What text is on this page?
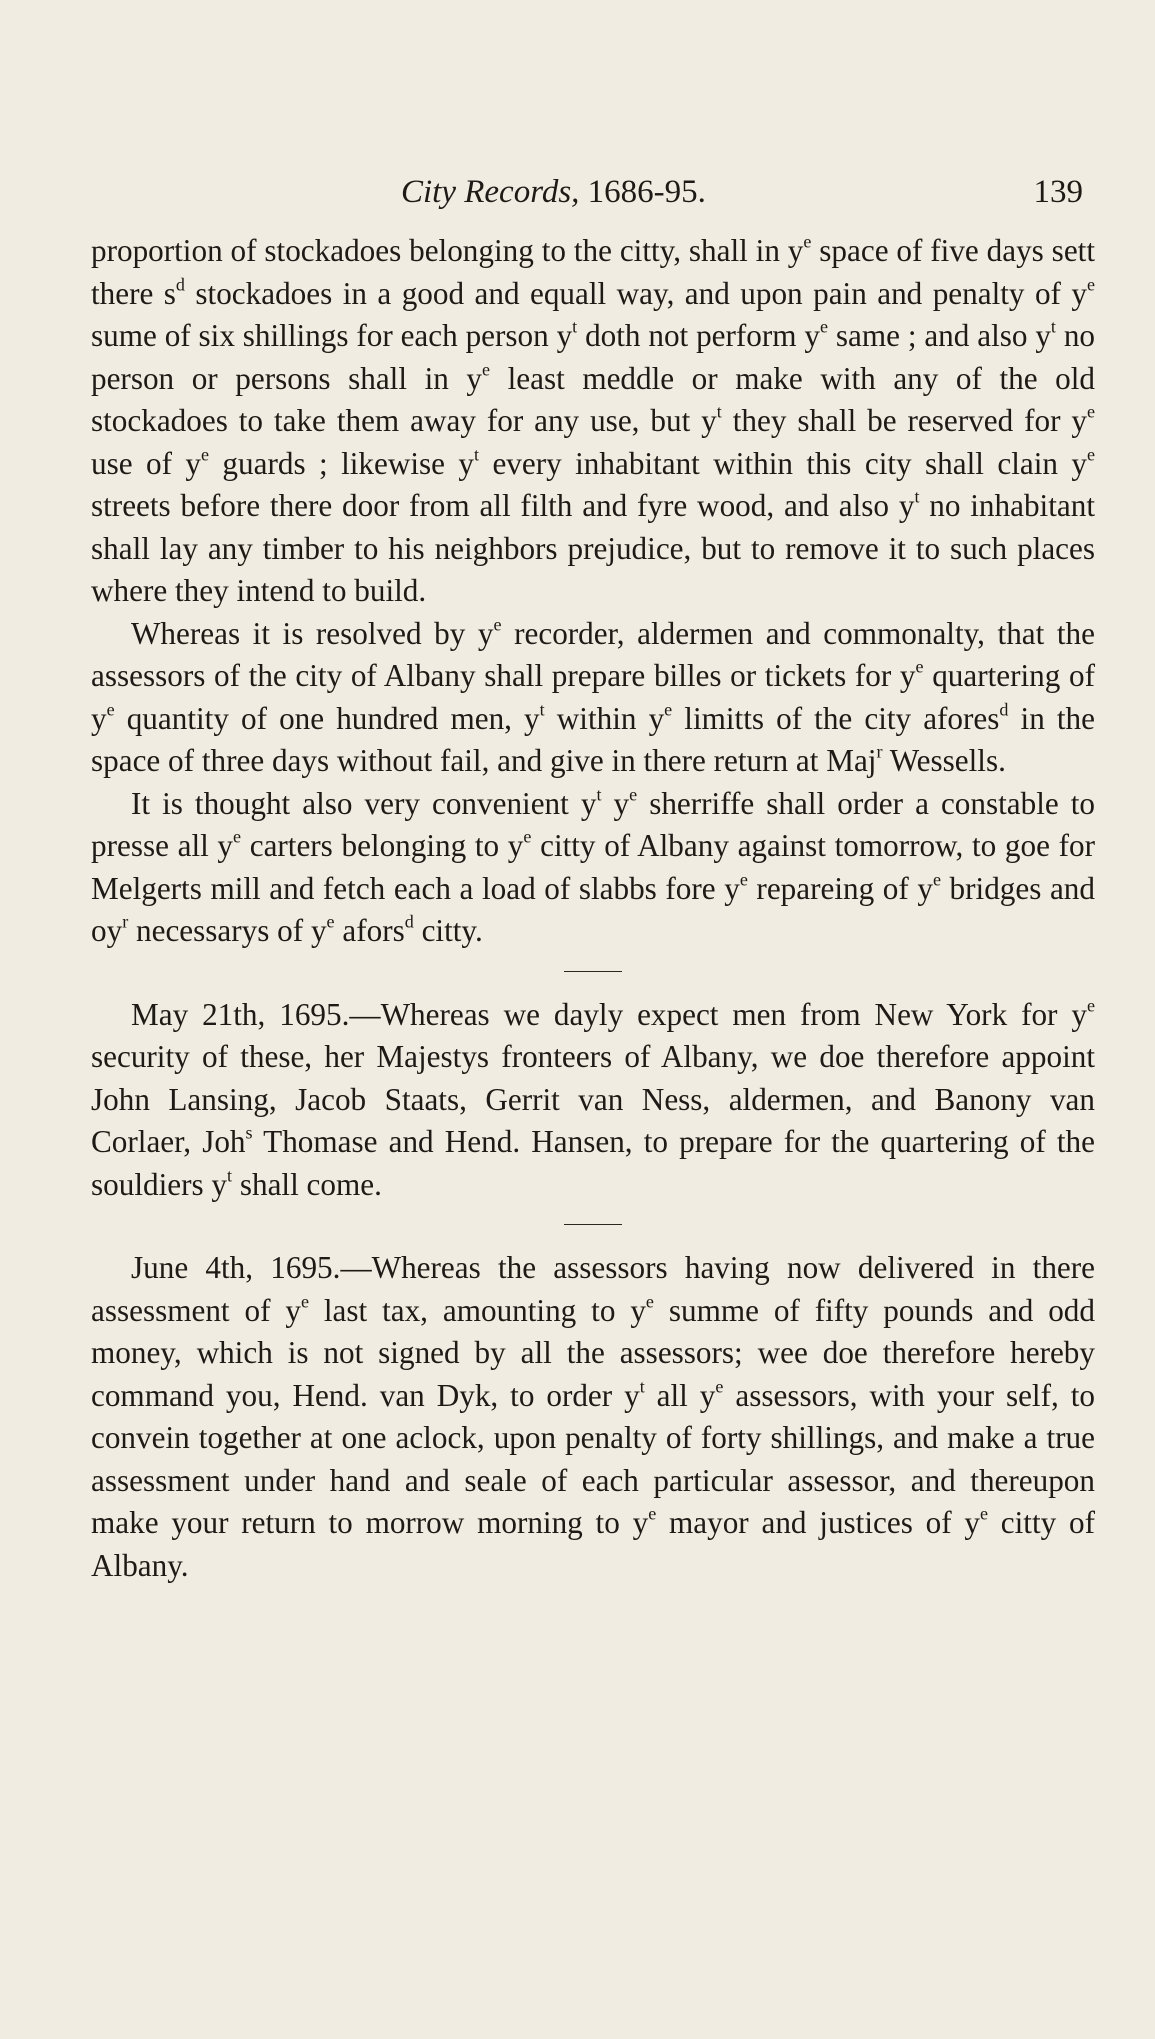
City Records, 1686-95.	139

proportion of stockadoes belonging to the citty, shall in $y^e$ space of five days sett there $s^d$ stockadoes in a good and equall way, and upon pain and penalty of $y^e$ sume of six shillings for each person $y^t$ doth not perform $y^e$ same ; and also $y^t$ no person or persons shall in $y^e$ least meddle or make with any of the old stockadoes to take them away for any use, but $y^t$ they shall be reserved for $y^e$ use of $y^e$ guards ; likewise $y^t$ every inhabitant within this city shall clain $y^e$ streets before there door from all filth and fyre wood, and also $y^t$ no inhabitant shall lay any timber to his neighbors prejudice, but to remove it to such places where they intend to build.

Whereas it is resolved by $y^e$ recorder, aldermen and commonalty, that the assessors of the city of Albany shall prepare billes or tickets for $y^e$ quartering of $y^e$ quantity of one hundred men, $y^t$ within $y^e$ limitts of the city afores$^d$ in the space of three days without fail, and give in there return at Maj$^r$ Wessells.

It is thought also very convenient $y^t$ $y^e$ sherriffe shall order a constable to presse all $y^e$ carters belonging to $y^e$ citty of Albany against tomorrow, to goe for Melgerts mill and fetch each a load of slabbs fore $y^e$ repareing of $y^e$ bridges and $oy^r$ necessarys of $y^e$ afors$^d$ citty.

May 21th, 1695.—Whereas we dayly expect men from New York for $y^e$ security of these, her Majestys fronteers of Albany, we doe therefore appoint John Lansing, Jacob Staats, Gerrit van Ness, aldermen, and Banony van Corlaer, Joh$^s$ Thomase and Hend. Hansen, to prepare for the quartering of the souldiers $y^t$ shall come.

June 4th, 1695.—Whereas the assessors having now delivered in there assessment of $y^e$ last tax, amounting to $y^e$ summe of fifty pounds and odd money, which is not signed by all the assessors; wee doe therefore hereby command you, Hend. van Dyk, to order $y^t$ all $y^e$ assessors, with your self, to convein together at one aclock, upon penalty of forty shillings, and make a true assessment under hand and seale of each particular assessor, and thereupon make your return to morrow morning to $y^e$ mayor and justices of $y^e$ citty of Albany.
